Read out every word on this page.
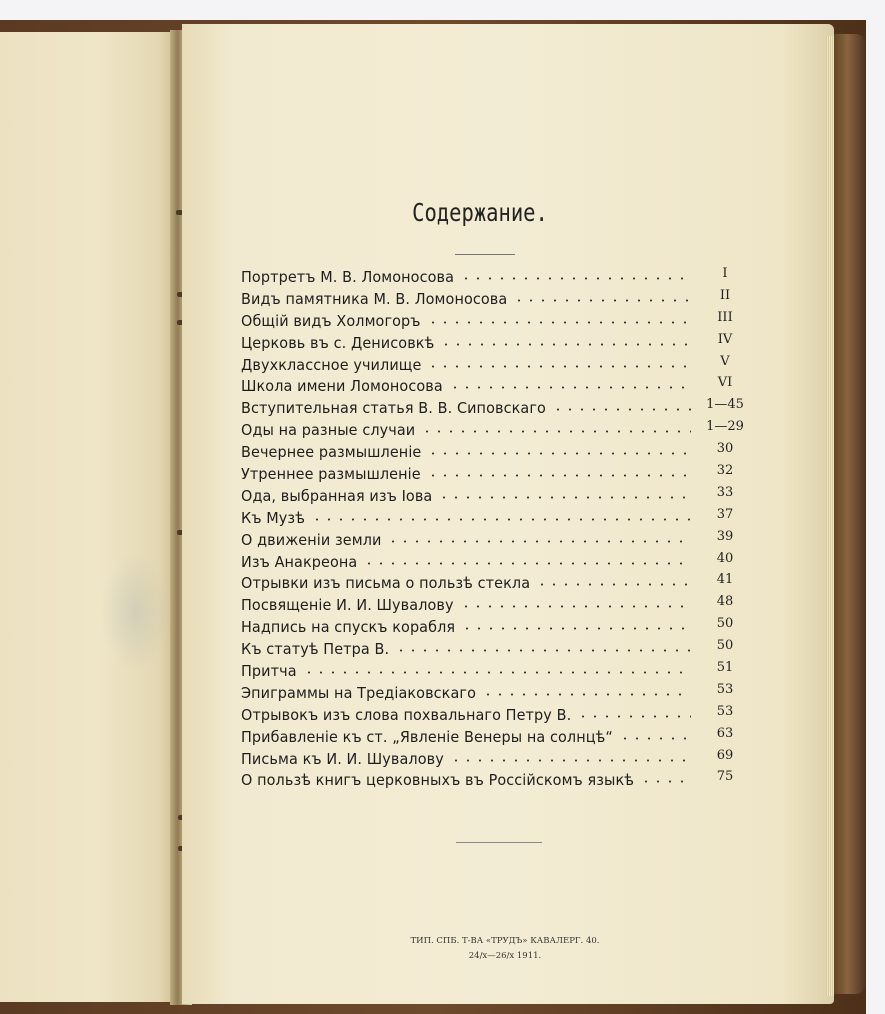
Содержание.
Портретъ М. В. Ломоносова	I
Видъ памятника М. В. Ломоносова	II
Общій видъ Холмогоръ	III
Церковь въ с. Денисовкѣ	IV
Двухклассное училище	V
Школа имени Ломоносова	VI
Вступительная статья В. В. Сиповскаго	1—45
Оды на разные случаи	1—29
Вечернее размышленіе	30
Утреннее размышленіе	32
Ода, выбранная изъ Іова	33
Къ Музѣ	37
О движеніи земли	39
Изъ Анакреона	40
Отрывки изъ письма о пользѣ стекла	41
Посвященіе И. И. Шувалову	48
Надпись на спускъ корабля	50
Къ статуѣ Петра В.	50
Притча	51
Эпиграммы на Тредіаковскаго	53
Отрывокъ изъ слова похвальнаго Петру В.	53
Прибавленіе къ ст. „Явленіе Венеры на солнцѣ“	63
Письма къ И. И. Шувалову	69
О пользѣ книгъ церковныхъ въ Россійскомъ языкѣ	75
ТИП. СПБ. Т-ВА «ТРУДЪ» КАВАЛЕРГ. 40.
24/х—26/х 1911.
